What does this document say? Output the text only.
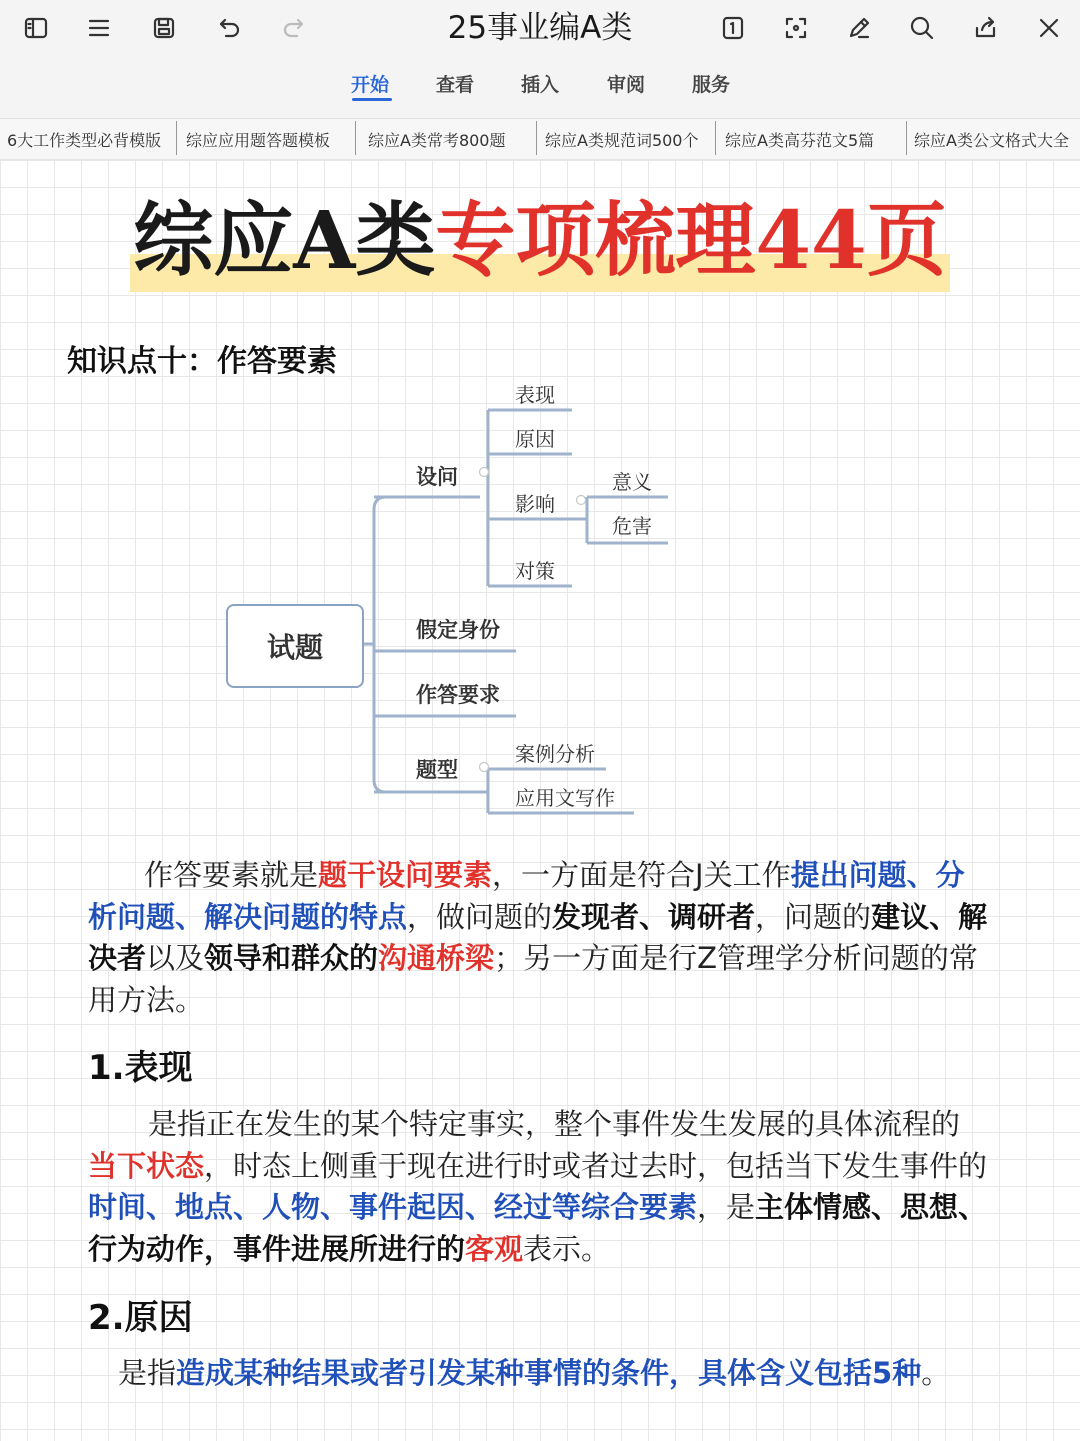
25事业编A类
开始 查看 插入	审阅 服务
6大工作类型必背模版 综应应用题答题模板 综应A类常考800题 综应A类规范词500个 综应A类高芬范文5篇 综应A类公文格式大全
综应A类专项梳理44页
知识点十：作答要素
试题
设问
表现
原因
影响
意义
危害
对策
假定身份
作答要求
题型
案例分析
应用文写作
作答要素就是题干设问要素，一方面是符合J关工作提出问题、分析问题、解决问题的特点，做问题的发现者、调研者，问题的建议、解决者以及领导和群众的沟通桥梁；另一方面是行Z管理学分析问题的常用方法。
1.表现
是指正在发生的某个特定事实，整个事件发生发展的具体流程的当下状态，时态上侧重于现在进行时或者过去时，包括当下发生事件的时间、地点、人物、事件起因、经过等综合要素，是主体情感、思想、行为动作，事件进展所进行的客观表示。
2.原因
是指造成某种结果或者引发某种事情的条件，具体含义包括5种。
